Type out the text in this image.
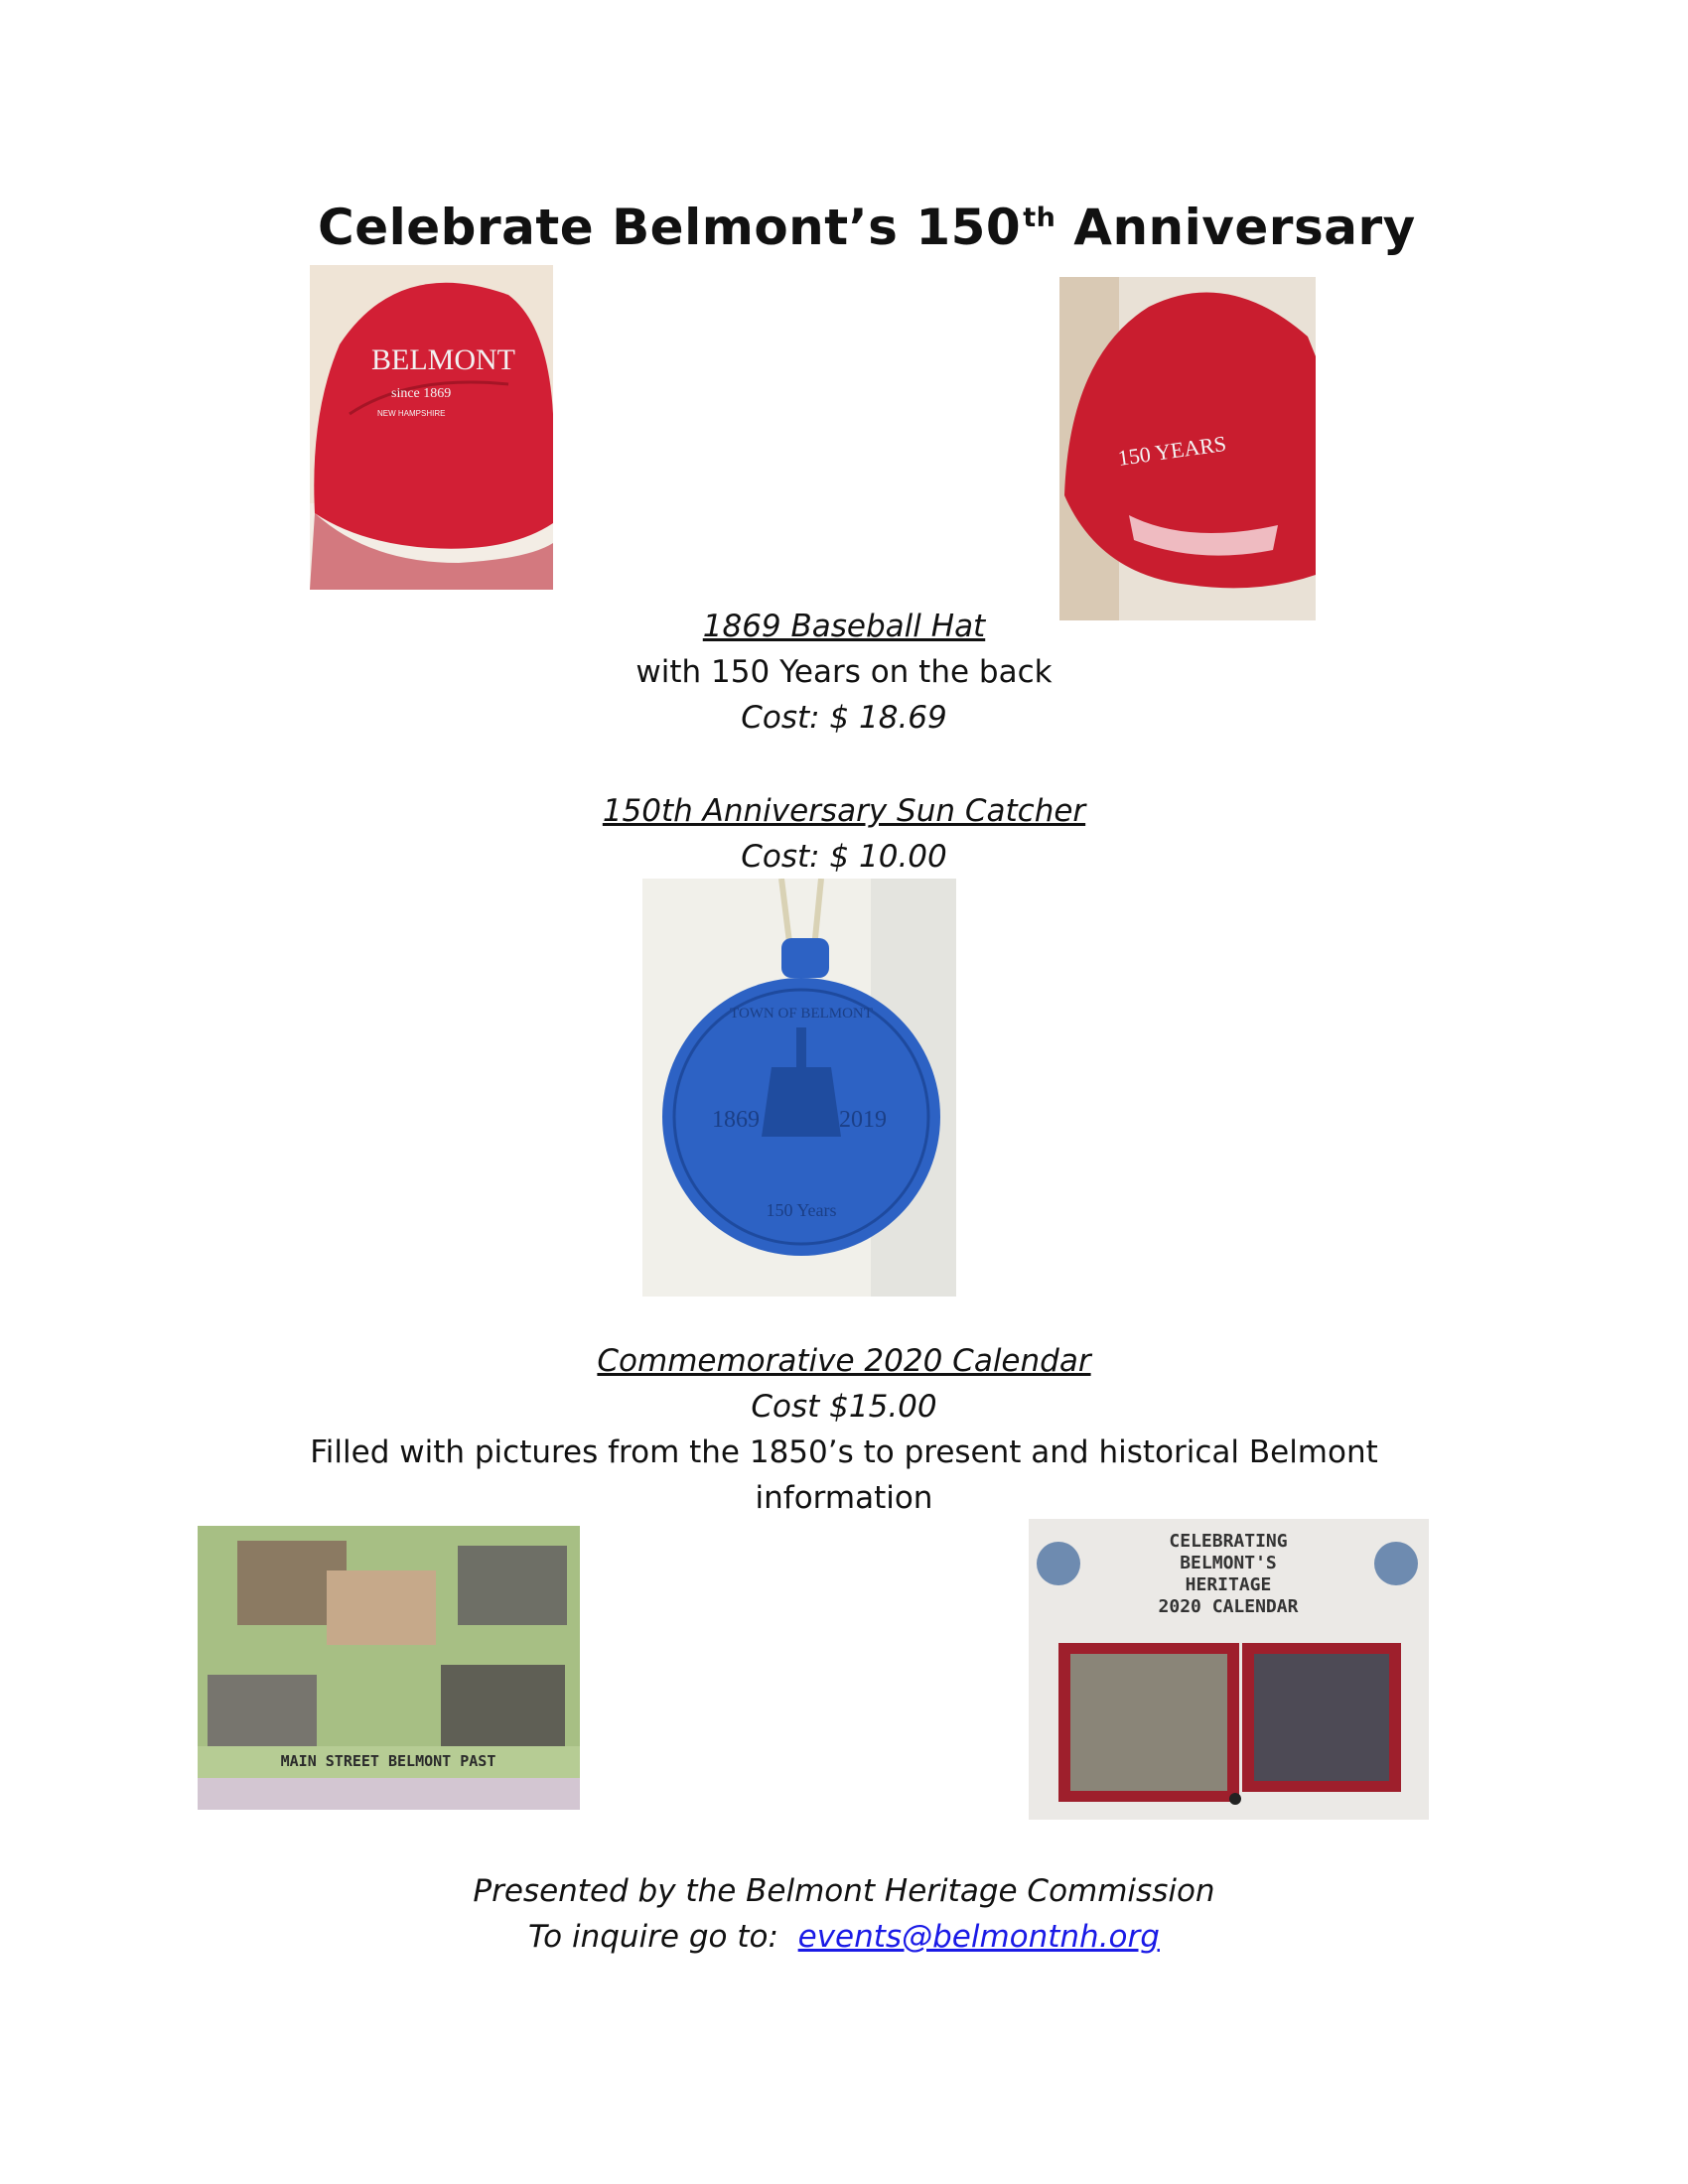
Celebrate Belmont’s 150th Anniversary
BELMONT
since 1869
NEW HAMPSHIRE
150 YEARS
1869 Baseball Hat
with 150 Years on the back
Cost: $ 18.69
150th Anniversary Sun Catcher
Cost: $ 10.00
TOWN OF BELMONT
1869	2019
150 Years
Commemorative 2020 Calendar
Cost $15.00
Filled with pictures from the 1850’s to present and historical Belmont
information
MAIN STREET BELMONT PAST
CELEBRATING
BELMONT'S
HERITAGE
2020 CALENDAR
Presented by the Belmont Heritage Commission
To inquire go to: events@belmontnh.org
